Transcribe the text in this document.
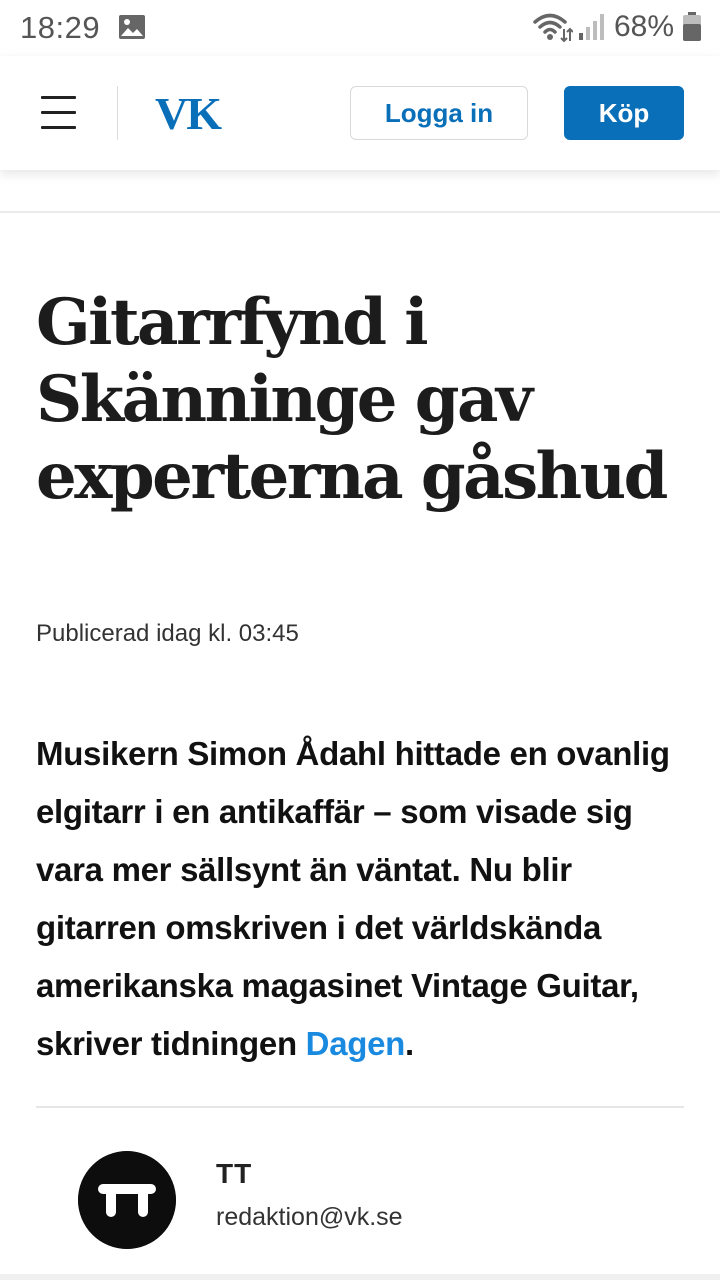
18:29	68%
VK	Logga in	Köp
Gitarrfynd i Skänninge gav experterna gåshud
Publicerad idag kl. 03:45

Musikern Simon Ådahl hittade en ovanlig elgitarr i en antikaffär – som visade sig vara mer sällsynt än väntat. Nu blir gitarren omskriven i det världskända amerikanska magasinet Vintage Guitar, skriver tidningen Dagen.

TT
redaktion@vk.se
